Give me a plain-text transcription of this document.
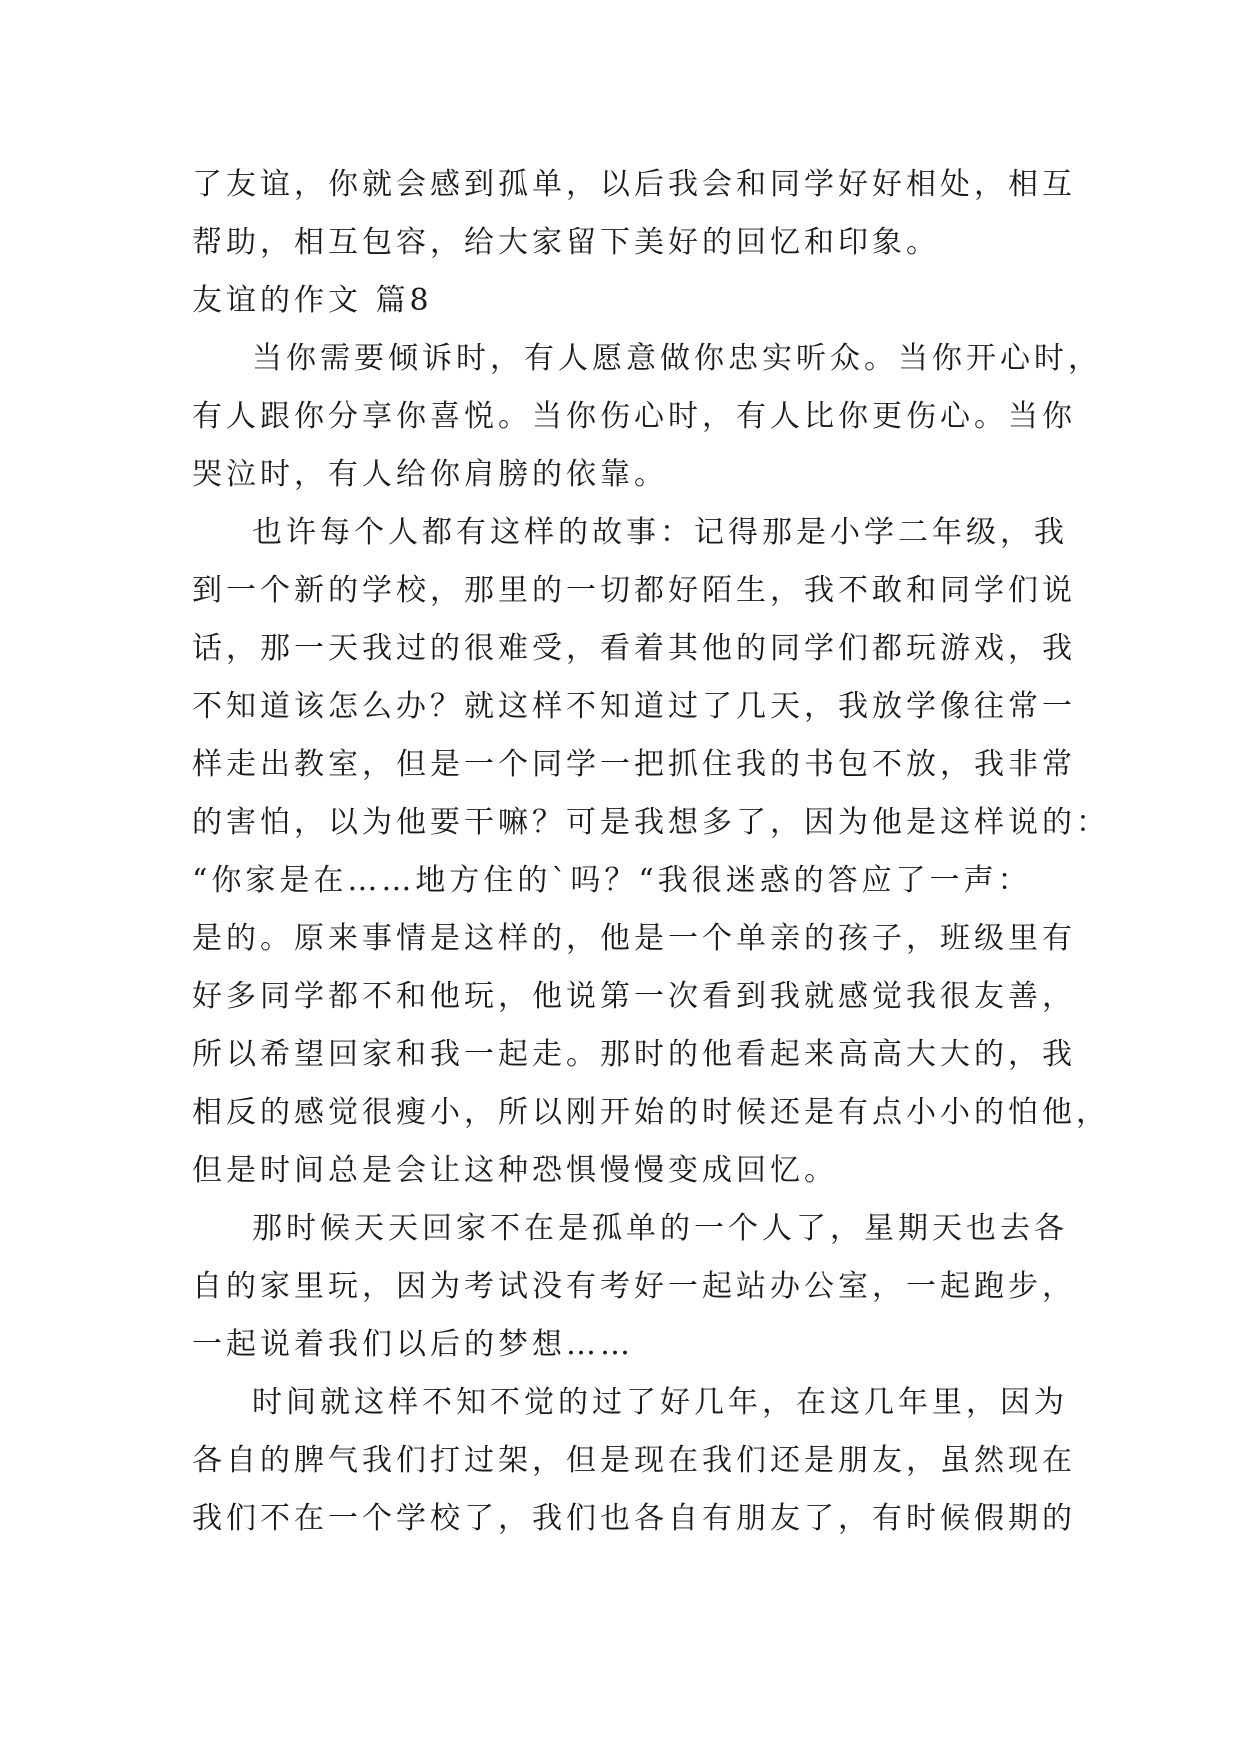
了友谊，你就会感到孤单，以后我会和同学好好相处，相互
帮助，相互包容，给大家留下美好的回忆和印象。
友谊的作文 篇8
当你需要倾诉时，有人愿意做你忠实听众。当你开心时，
有人跟你分享你喜悦。当你伤心时，有人比你更伤心。当你
哭泣时，有人给你肩膀的依靠。
也许每个人都有这样的故事：记得那是小学二年级，我
到一个新的学校，那里的一切都好陌生，我不敢和同学们说
话，那一天我过的很难受，看着其他的同学们都玩游戏，我
不知道该怎么办？就这样不知道过了几天，我放学像往常一
样走出教室，但是一个同学一把抓住我的书包不放，我非常
的害怕，以为他要干嘛？可是我想多了，因为他是这样说的：
“你家是在……地方住的`吗？“我很迷惑的答应了一声：
是的。原来事情是这样的，他是一个单亲的孩子，班级里有
好多同学都不和他玩，他说第一次看到我就感觉我很友善，
所以希望回家和我一起走。那时的他看起来高高大大的，我
相反的感觉很瘦小，所以刚开始的时候还是有点小小的怕他，
但是时间总是会让这种恐惧慢慢变成回忆。
那时候天天回家不在是孤单的一个人了，星期天也去各
自的家里玩，因为考试没有考好一起站办公室，一起跑步，
一起说着我们以后的梦想……
时间就这样不知不觉的过了好几年，在这几年里，因为
各自的脾气我们打过架，但是现在我们还是朋友，虽然现在
我们不在一个学校了，我们也各自有朋友了，有时候假期的
